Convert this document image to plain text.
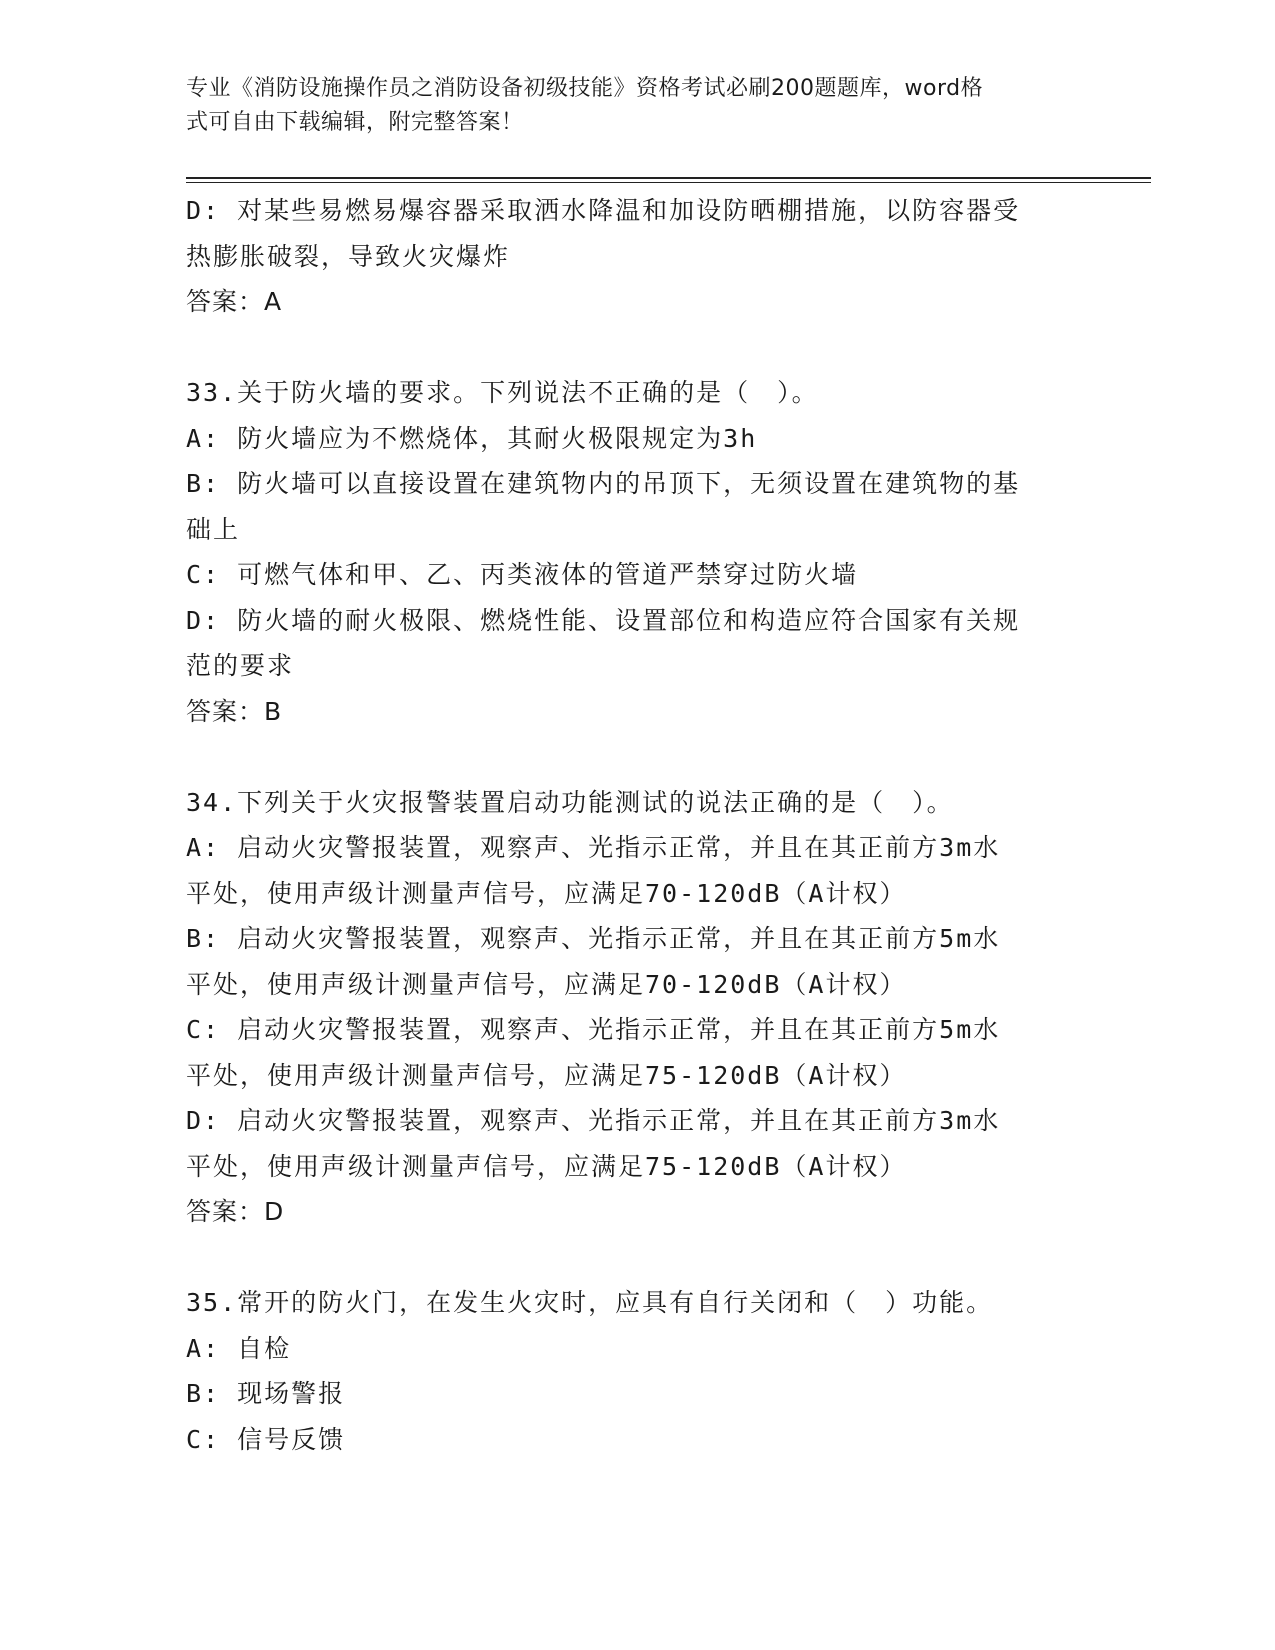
专业《消防设施操作员之消防设备初级技能》资格考试必刷200题题库，word格
式可自由下载编辑，附完整答案！
D: 对某些易燃易爆容器采取洒水降温和加设防晒棚措施，以防容器受
热膨胀破裂，导致火灾爆炸
答案：A
33.关于防火墙的要求。下列说法不正确的是（　）。
A: 防火墙应为不燃烧体，其耐火极限规定为3h
B: 防火墙可以直接设置在建筑物内的吊顶下，无须设置在建筑物的基
础上
C: 可燃气体和甲、乙、丙类液体的管道严禁穿过防火墙
D: 防火墙的耐火极限、燃烧性能、设置部位和构造应符合国家有关规
范的要求
答案：B
34.下列关于火灾报警装置启动功能测试的说法正确的是（　）。
A: 启动火灾警报装置，观察声、光指示正常，并且在其正前方3m水
平处，使用声级计测量声信号，应满足70-120dB（A计权）
B: 启动火灾警报装置，观察声、光指示正常，并且在其正前方5m水
平处，使用声级计测量声信号，应满足70-120dB（A计权）
C: 启动火灾警报装置，观察声、光指示正常，并且在其正前方5m水
平处，使用声级计测量声信号，应满足75-120dB（A计权）
D: 启动火灾警报装置，观察声、光指示正常，并且在其正前方3m水
平处，使用声级计测量声信号，应满足75-120dB（A计权）
答案：D
35.常开的防火门，在发生火灾时，应具有自行关闭和（　）功能。
A: 自检
B: 现场警报
C: 信号反馈
